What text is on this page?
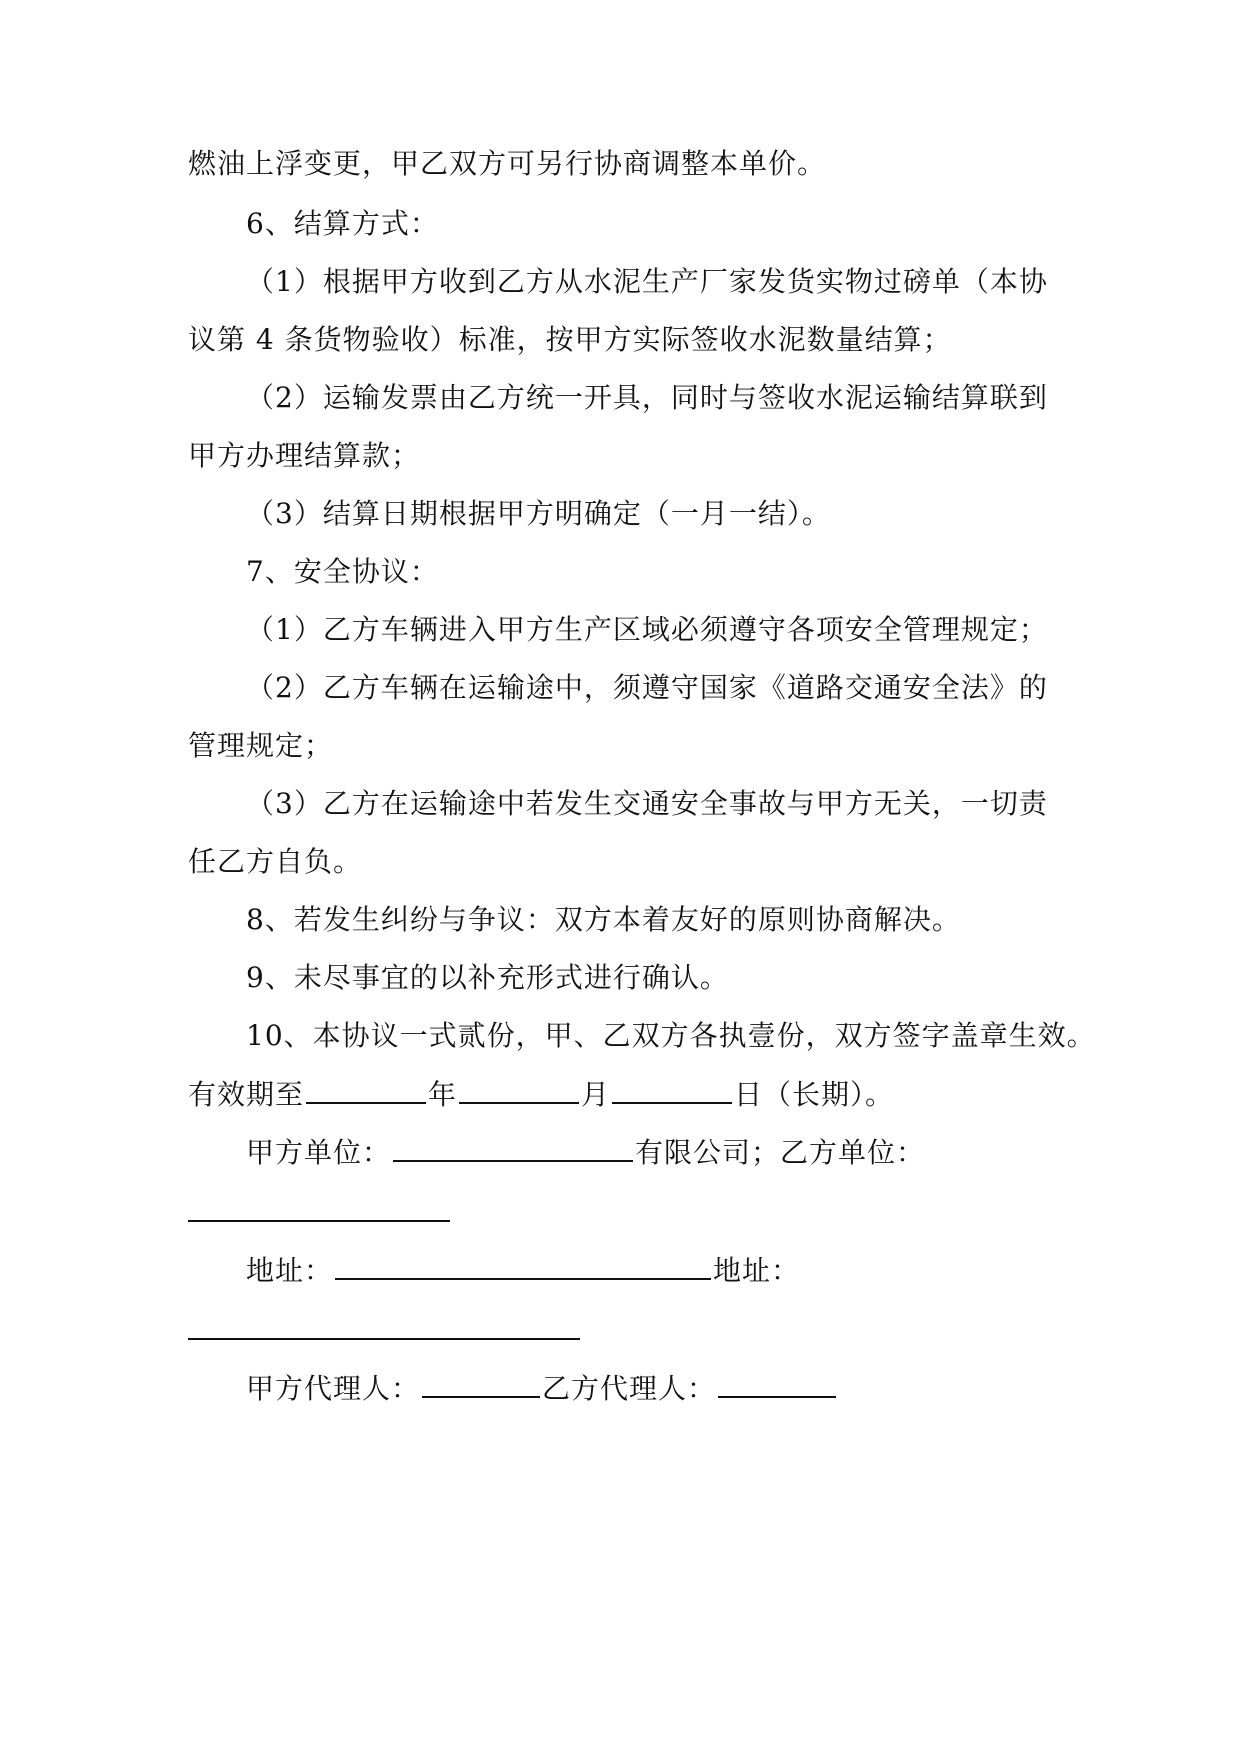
燃油上浮变更，甲乙双方可另行协商调整本单价。
6、结算方式：
（1）根据甲方收到乙方从水泥生产厂家发货实物过磅单（本协
议第 4 条货物验收）标准，按甲方实际签收水泥数量结算；
（2）运输发票由乙方统一开具，同时与签收水泥运输结算联到
甲方办理结算款；
（3）结算日期根据甲方明确定（一月一结）。
7、安全协议：
（1）乙方车辆进入甲方生产区域必须遵守各项安全管理规定；
（2）乙方车辆在运输途中，须遵守国家《道路交通安全法》的
管理规定；
（3）乙方在运输途中若发生交通安全事故与甲方无关，一切责
任乙方自负。
8、若发生纠纷与争议：双方本着友好的原则协商解决。
9、未尽事宜的以补充形式进行确认。
10、本协议一式贰份，甲、乙双方各执壹份，双方签字盖章生效。
有效期至	年	月	日（长期）。
甲方单位：	有限公司；乙方单位：
地址：	地址：
甲方代理人：	乙方代理人：
